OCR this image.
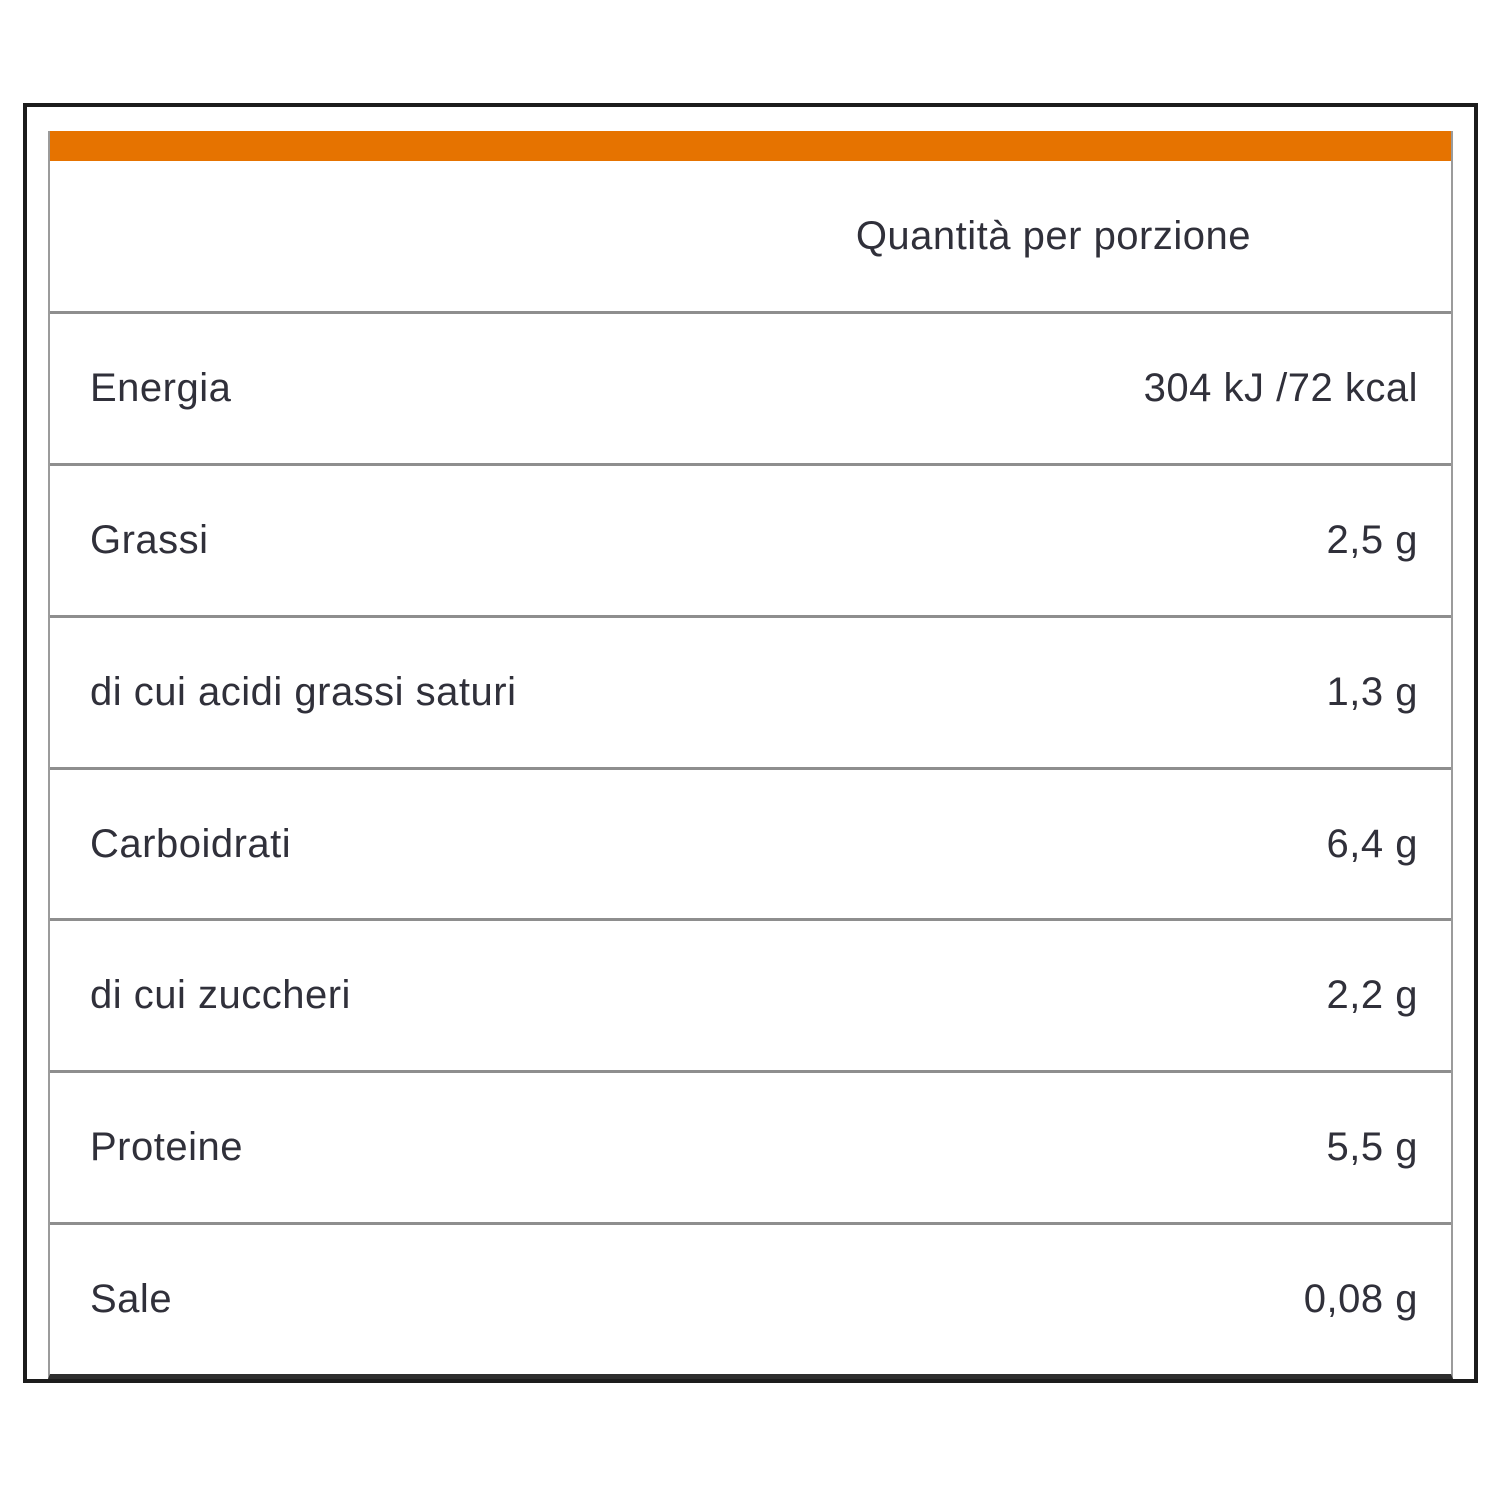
Quantità per porzione
Energia	304 kJ /72 kcal
Grassi	2,5 g
di cui acidi grassi saturi	1,3 g
Carboidrati	6,4 g
di cui zuccheri	2,2 g
Proteine	5,5 g
Sale	0,08 g
